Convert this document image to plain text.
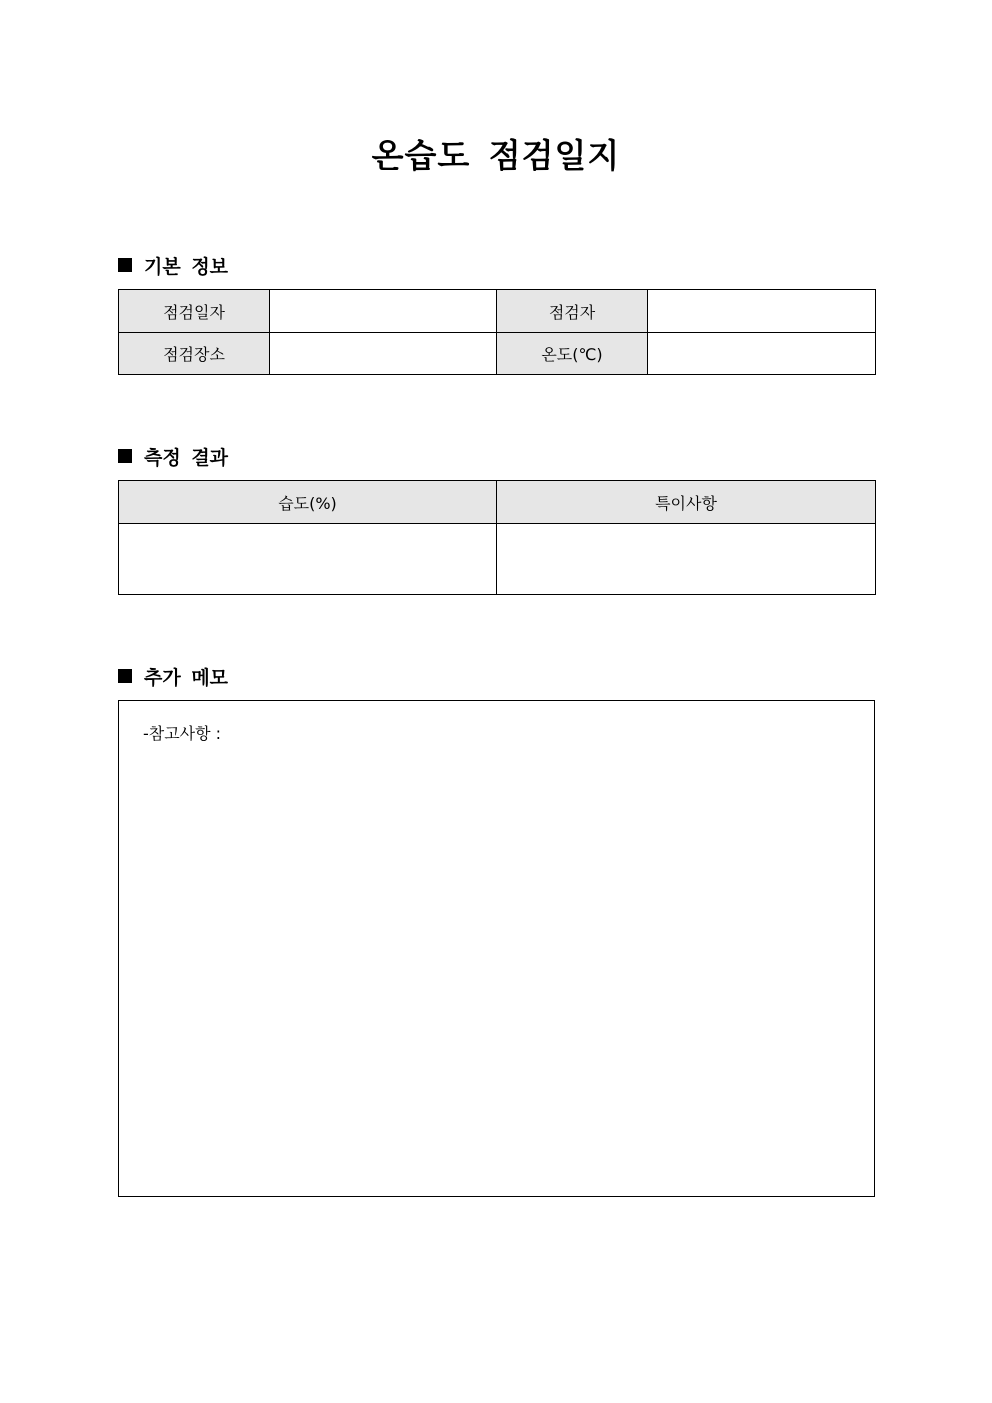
온습도 점검일지
기본 정보
점검일자		점검자	
점검장소		온도(℃)	
측정 결과
습도(%)	특이사항

추가 메모
-참고사항 :
